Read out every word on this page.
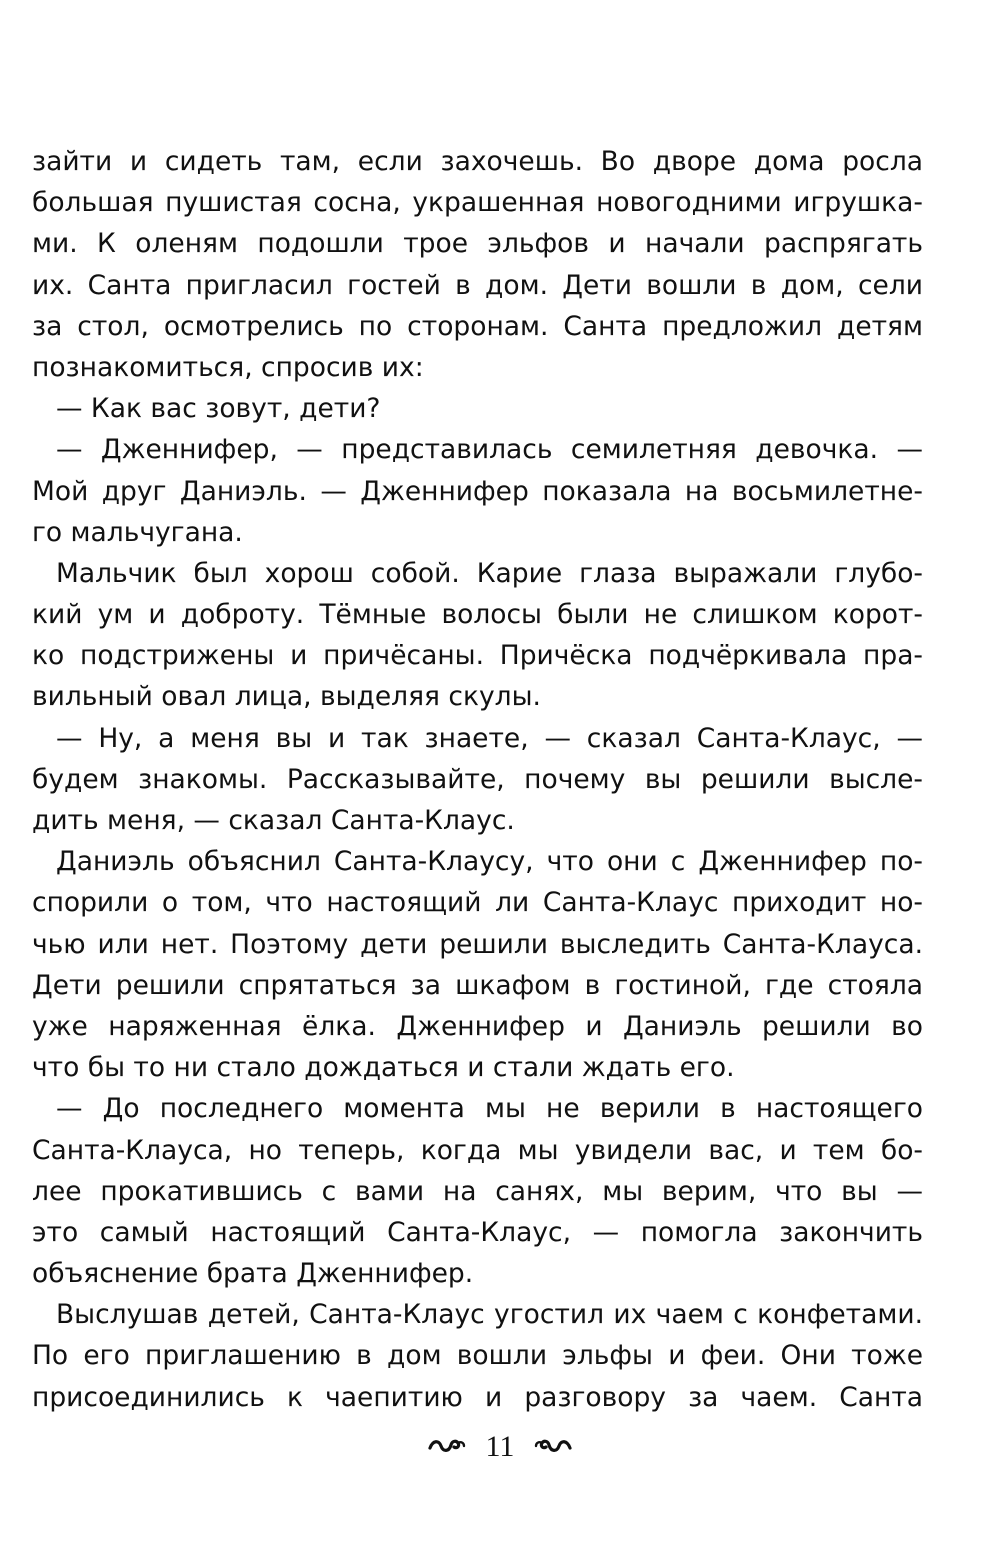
зайти и сидеть там, если захочешь. Во дворе дома росла
большая пушистая сосна, украшенная новогодними игрушка-
ми. К оленям подошли трое эльфов и начали распрягать
их. Санта пригласил гостей в дом. Дети вошли в дом, сели
за стол, осмотрелись по сторонам. Санта предложил детям
познакомиться, спросив их:
— Как вас зовут, дети?
— Дженнифер, — представилась семилетняя девочка. —
Мой друг Даниэль. — Дженнифер показала на восьмилетне-
го мальчугана.
Мальчик был хорош собой. Карие глаза выражали глубо-
кий ум и доброту. Тёмные волосы были не слишком корот-
ко подстрижены и причёсаны. Причёска подчёркивала пра-
вильный овал лица, выделяя скулы.
— Ну, а меня вы и так знаете, — сказал Санта-Клаус, —
будем знакомы. Рассказывайте, почему вы решили высле-
дить меня, — сказал Санта-Клаус.
Даниэль объяснил Санта-Клаусу, что они с Дженнифер по-
спорили о том, что настоящий ли Санта-Клаус приходит но-
чью или нет. Поэтому дети решили выследить Санта-Клауса.
Дети решили спрятаться за шкафом в гостиной, где стояла
уже наряженная ёлка. Дженнифер и Даниэль решили во
что бы то ни стало дождаться и стали ждать его.
— До последнего момента мы не верили в настоящего
Санта-Клауса, но теперь, когда мы увидели вас, и тем бо-
лее прокатившись с вами на санях, мы верим, что вы —
это самый настоящий Санта-Клаус, — помогла закончить
объяснение брата Дженнифер.
Выслушав детей, Санта-Клаус угостил их чаем с конфетами.
По его приглашению в дом вошли эльфы и феи. Они тоже
присоединились к чаепитию и разговору за чаем. Санта
11
